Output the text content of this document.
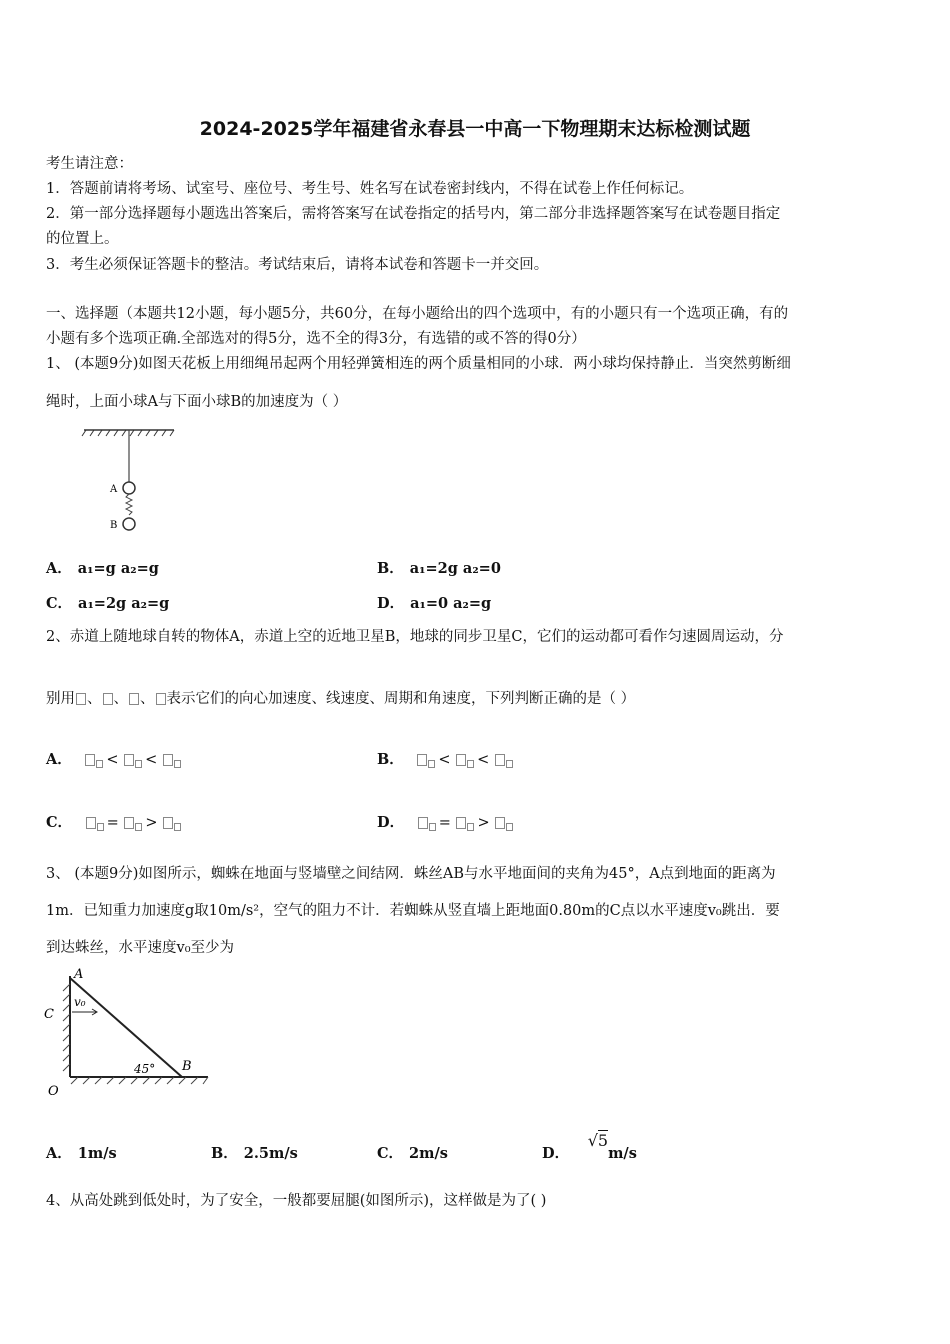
2024-2025学年福建省永春县一中高一下物理期末达标检测试题
考生请注意：
1．答题前请将考场、试室号、座位号、考生号、姓名写在试卷密封线内，不得在试卷上作任何标记。
2．第一部分选择题每小题选出答案后，需将答案写在试卷指定的括号内，第二部分非选择题答案写在试卷题目指定
的位置上。
3．考生必须保证答题卡的整洁。考试结束后，请将本试卷和答题卡一并交回。
一、选择题（本题共12小题，每小题5分，共60分，在每小题给出的四个选项中，有的小题只有一个选项正确，有的
小题有多个选项正确.全部选对的得5分，选不全的得3分，有选错的或不答的得0分）
1、 (本题9分)如图天花板上用细绳吊起两个用轻弹簧相连的两个质量相同的小球．两小球均保持静止．当突然剪断细
绳时，上面小球A与下面小球B的加速度为（ ）
A
B
A． a₁=g a₂=g	B． a₁=2g a₂=0
C． a₁=2g a₂=g	D． a₁=0 a₂=g
2、赤道上随地球自转的物体A，赤道上空的近地卫星B，地球的同步卫星C，它们的运动都可看作匀速圆周运动，分
别用 、 、 、 表示它们的向心加速度、线速度、周期和角速度，下列判断正确的是（ ）
A． < <	B． < <
C． = >	D． = >
3、 (本题9分)如图所示，蜘蛛在地面与竖墙壁之间结网．蛛丝AB与水平地面间的夹角为45°，A点到地面的距离为
1m．已知重力加速度g取10m/s²，空气的阻力不计．若蜘蛛从竖直墙上距地面0.80m的C点以水平速度v₀跳出．要
到达蛛丝，水平速度v₀至少为
A
C
O
B
v₀
45°
A． 1m/s	B． 2.5m/s	C． 2m/s	D． √5m/s
4、从高处跳到低处时，为了安全，一般都要屈腿(如图所示)，这样做是为了( )
